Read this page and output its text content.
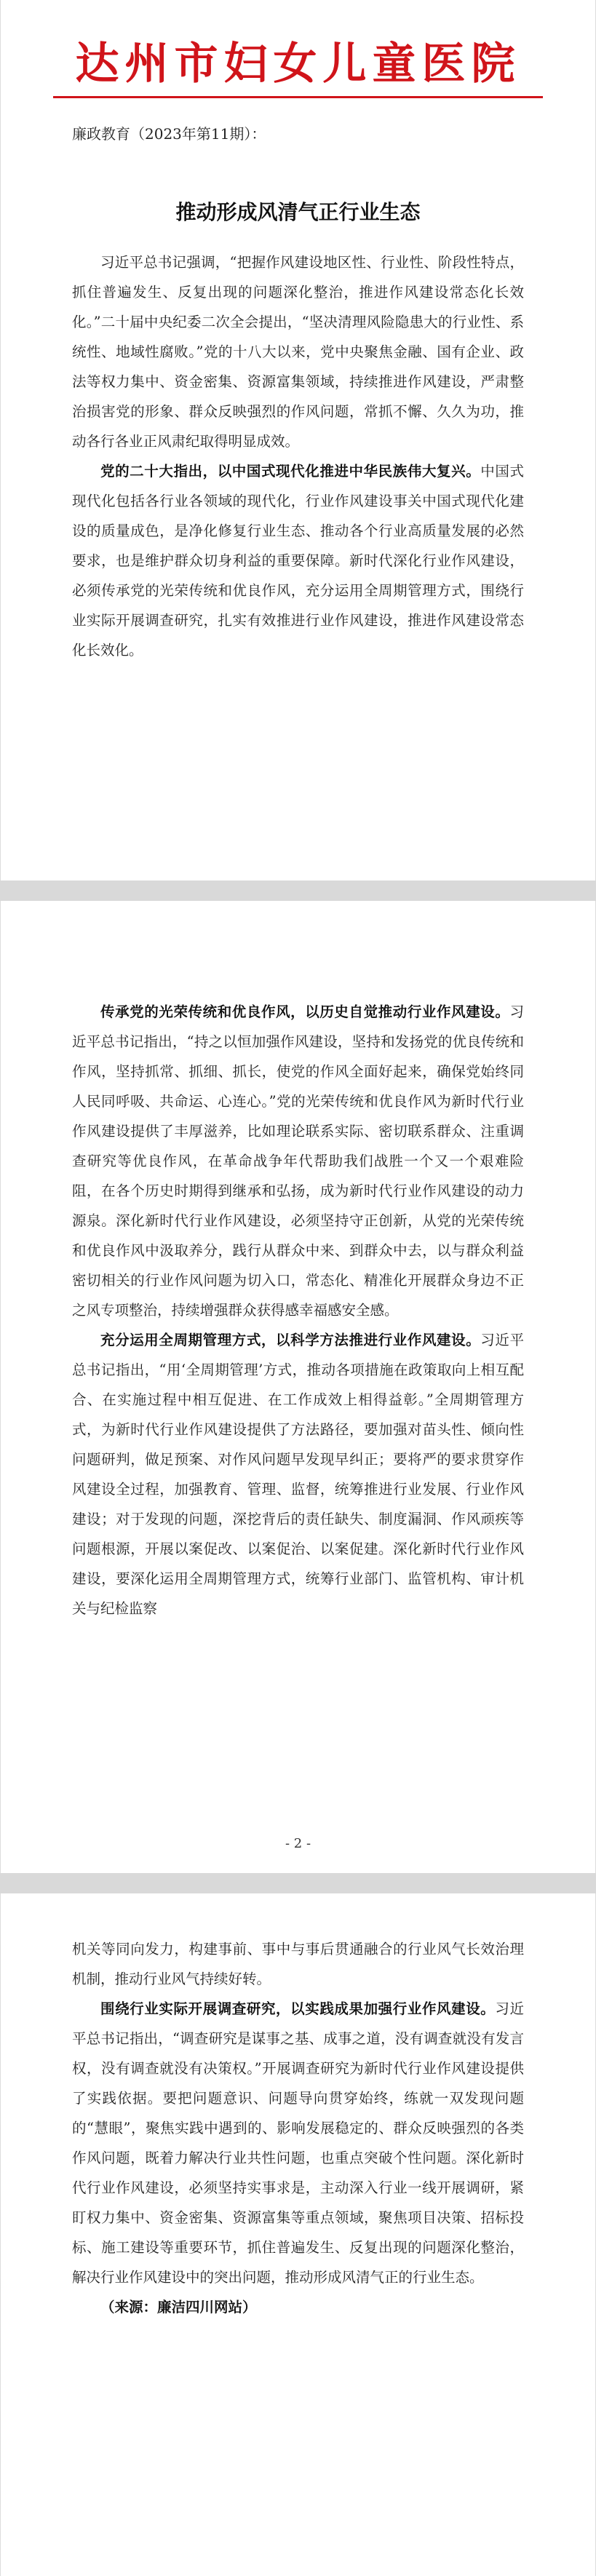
达州市妇女儿童医院
廉政教育（2023年第11期）：
推动形成风清气正行业生态

习近平总书记强调，“把握作风建设地区性、行业性、阶段性特点，抓住普遍发生、反复出现的问题深化整治，推进作风建设常态化长效化。”二十届中央纪委二次全会提出，“坚决清理风险隐患大的行业性、系统性、地域性腐败。”党的十八大以来，党中央聚焦金融、国有企业、政法等权力集中、资金密集、资源富集领域，持续推进作风建设，严肃整治损害党的形象、群众反映强烈的作风问题，常抓不懈、久久为功，推动各行各业正风肃纪取得明显成效。

党的二十大指出，以中国式现代化推进中华民族伟大复兴。中国式现代化包括各行业各领域的现代化，行业作风建设事关中国式现代化建设的质量成色，是净化修复行业生态、推动各个行业高质量发展的必然要求，也是维护群众切身利益的重要保障。新时代深化行业作风建设，必须传承党的光荣传统和优良作风，充分运用全周期管理方式，围绕行业实际开展调查研究，扎实有效推进行业作风建设，推进作风建设常态化长效化。

传承党的光荣传统和优良作风，以历史自觉推动行业作风建设。习近平总书记指出，“持之以恒加强作风建设，坚持和发扬党的优良传统和作风，坚持抓常、抓细、抓长，使党的作风全面好起来，确保党始终同人民同呼吸、共命运、心连心。”党的光荣传统和优良作风为新时代行业作风建设提供了丰厚滋养，比如理论联系实际、密切联系群众、注重调查研究等优良作风，在革命战争年代帮助我们战胜一个又一个艰难险阻，在各个历史时期得到继承和弘扬，成为新时代行业作风建设的动力源泉。深化新时代行业作风建设，必须坚持守正创新，从党的光荣传统和优良作风中汲取养分，践行从群众中来、到群众中去，以与群众利益密切相关的行业作风问题为切入口，常态化、精准化开展群众身边不正之风专项整治，持续增强群众获得感幸福感安全感。

充分运用全周期管理方式，以科学方法推进行业作风建设。习近平总书记指出，“用‘全周期管理’方式，推动各项措施在政策取向上相互配合、在实施过程中相互促进、在工作成效上相得益彰。”全周期管理方式，为新时代行业作风建设提供了方法路径，要加强对苗头性、倾向性问题研判，做足预案、对作风问题早发现早纠正；要将严的要求贯穿作风建设全过程，加强教育、管理、监督，统筹推进行业发展、行业作风建设；对于发现的问题，深挖背后的责任缺失、制度漏洞、作风顽疾等问题根源，开展以案促改、以案促治、以案促建。深化新时代行业作风建设，要深化运用全周期管理方式，统筹行业部门、监管机构、审计机关与纪检监察

- 2 -

机关等同向发力，构建事前、事中与事后贯通融合的行业风气长效治理机制，推动行业风气持续好转。

围绕行业实际开展调查研究，以实践成果加强行业作风建设。习近平总书记指出，“调查研究是谋事之基、成事之道，没有调查就没有发言权，没有调查就没有决策权。”开展调查研究为新时代行业作风建设提供了实践依据。要把问题意识、问题导向贯穿始终，练就一双发现问题的“慧眼”，聚焦实践中遇到的、影响发展稳定的、群众反映强烈的各类作风问题，既着力解决行业共性问题，也重点突破个性问题。深化新时代行业作风建设，必须坚持实事求是，主动深入行业一线开展调研，紧盯权力集中、资金密集、资源富集等重点领域，聚焦项目决策、招标投标、施工建设等重要环节，抓住普遍发生、反复出现的问题深化整治，解决行业作风建设中的突出问题，推动形成风清气正的行业生态。

（来源：廉洁四川网站）
